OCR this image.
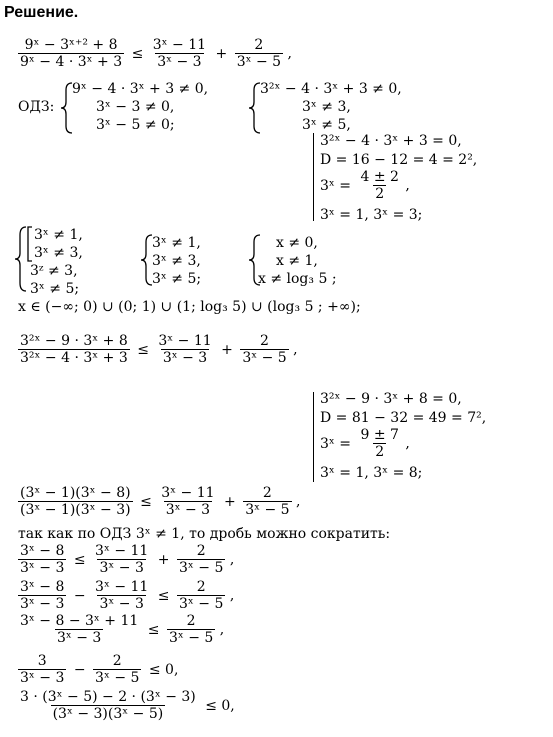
Решение.
$\frac{\text{9ˣ − 3ˣ⁺² + 8}}{\text{9ˣ − 4 · 3ˣ + 3}} \le \frac{\text{3ˣ − 11}}{\text{3ˣ − 3}} + \frac{2}{\text{3ˣ − 5}}$ ,
ОДЗ:
9ˣ − 4 · 3ˣ + 3 ≠ 0,
3ˣ − 3 ≠ 0,
3ˣ − 5 ≠ 0;
3²ˣ − 4 · 3ˣ + 3 ≠ 0,
3ˣ ≠ 3,
3ˣ ≠ 5,
3²ˣ − 4 · 3ˣ + 3 = 0,
D = 16 − 12 = 4 = 2²,
3ˣ = $\frac{4 \pm 2}{2}$ ,
3ˣ = 1, 3ˣ = 3;
3ˣ ≠ 1,
3ˣ ≠ 3,
3ᶻ ≠ 3,
3ˣ ≠ 5;
3ˣ ≠ 1,
3ˣ ≠ 3,
3ˣ ≠ 5;
x ≠ 0,
x ≠ 1,
x ≠ log₃ 5 ;
x ∈ (−∞; 0) ∪ (0; 1) ∪ (1; log₃ 5) ∪ (log₃ 5 ; +∞);
$\frac{\text{3²ˣ − 9 · 3ˣ + 8}}{\text{3²ˣ − 4 · 3ˣ + 3}} \le \frac{\text{3ˣ − 11}}{\text{3ˣ − 3}} + \frac{2}{\text{3ˣ − 5}}$ ,
3²ˣ − 9 · 3ˣ + 8 = 0,
D = 81 − 32 = 49 = 7²,
3ˣ = $\frac{9 \pm 7}{2}$ ,
3ˣ = 1, 3ˣ = 8;
$\frac{\text{(3ˣ − 1)(3ˣ − 8)}}{\text{(3ˣ − 1)(3ˣ − 3)}} \le \frac{\text{3ˣ − 11}}{\text{3ˣ − 3}} + \frac{2}{\text{3ˣ − 5}}$ ,
так как по ОДЗ 3ˣ ≠ 1, то дробь можно сократить:
$\frac{\text{3ˣ − 8}}{\text{3ˣ − 3}} \le \frac{\text{3ˣ − 11}}{\text{3ˣ − 3}} + \frac{2}{\text{3ˣ − 5}}$ ,
$\frac{\text{3ˣ − 8}}{\text{3ˣ − 3}} - \frac{\text{3ˣ − 11}}{\text{3ˣ − 3}} \le \frac{2}{\text{3ˣ − 5}}$ ,
$\frac{\text{3ˣ − 8 − 3ˣ + 11}}{\text{3ˣ − 3}} \le \frac{2}{\text{3ˣ − 5}}$ ,
$\frac{3}{\text{3ˣ − 3}} - \frac{2}{\text{3ˣ − 5}} \le 0$,
$\frac{\text{3 · (3ˣ − 5) − 2 · (3ˣ − 3)}}{\text{(3ˣ − 3)(3ˣ − 5)}} \le 0$,
